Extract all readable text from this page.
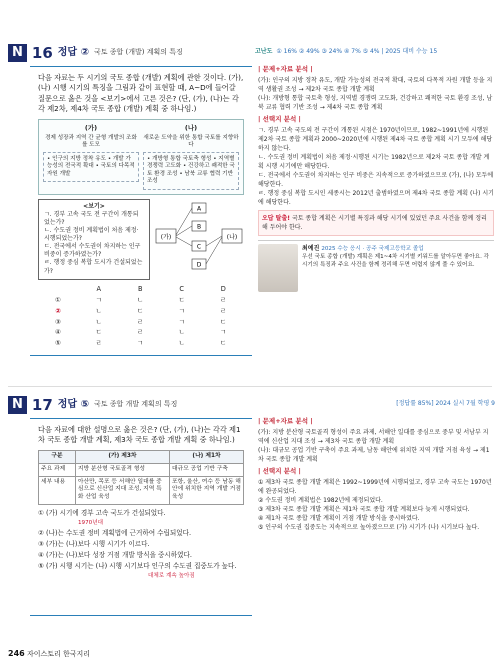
N 16 정답 ② 국토 종합 (개발) 계획의 특징	고난도 ① 16% ② 49% ③ 24% ④ 7% ⑤ 4% | 2025 대비 수능 15

다음 자료는 두 시기의 국토 종합 (개발) 계획에 관한 것이다. (가), (나) 시행 시기의 특징을 그림과 같이 표현할 때, A~D에 들어갈 질문으로 옳은 것을 <보기>에서 고른 것은? (단, (가), (나)는 각각 제2차, 제4차 국토 종합 (개발) 계획 중 하나임.)

(가)
경제 성장과 지역 간 균형 개발의 조화를 도모
• 인구의 지방 정착 유도 • 개발 가능성의 전국적 확대 • 국토의 다목적 자원 개발
(나)
새로운 도약을 위한 통합 국토를 지향하다
• 개방형 통합 국토축 형성 • 지역별 경쟁력 고도화 • 건강하고 쾌적한 국토 환경 조성 • 남북 교류 협력 기반 조성
<보기>
ㄱ. 경부 고속 국도 전 구간이 개통되었는가?
ㄴ. 수도권 정비 계획법이 처음 제정·시행되었는가?
ㄷ. 전국에서 수도권이 차지하는 인구 비중이 증가하였는가?
ㄹ. 행정 중심 복합 도시가 건설되었는가?
(가)	(나)
A
B
C
D
	A	B	C	D
①	ㄱ	ㄴ	ㄷ	ㄹ
②	ㄴ	ㄷ	ㄱ	ㄹ
③	ㄴ	ㄹ	ㄱ	ㄷ
④	ㄷ	ㄹ	ㄴ	ㄱ
⑤	ㄹ	ㄱ	ㄴ	ㄷ
| 문제+자료 분석 |

(가): 인구의 지방 정착 유도, 개발 가능성의 전국적 확대, 국토의 다목적 자원 개발 등을 지역 생활권 조성 → 제2차 국토 종합 개발 계획

(나): 개방형 통합 국토축 형성, 지역별 경쟁력 고도화, 건강하고 쾌적한 국토 환경 조성, 남북 교류 협력 기반 조성 → 제4차 국토 종합 계획

| 선택지 분석 |

ㄱ. 경부 고속 국도의 전 구간이 개통된 시점은 1970년이므로, 1982~1991년에 시행된 제2차 국토 종합 계획과 2000~2020년에 시행된 제4차 국토 종합 계획 시기 모두에 해당하지 않는다.

ㄴ. 수도권 정비 계획법이 처음 제정·시행된 시기는 1982년으로 제2차 국토 종합 개발 계획 시행 시기에만 해당한다.

ㄷ. 전국에서 수도권이 차지하는 인구 비중은 지속적으로 증가하였으므로 (가), (나) 모두에 해당한다.

ㄹ. 행정 중심 복합 도시인 세종시는 2012년 출범하였으며 제4차 국토 종합 계획 (나) 시기에 해당한다.

오답 탈출! 국토 종합 계획은 시기별 특징과 해당 시기에 있었던 주요 사건을 함께 정리해 두어야 한다.
최예진 2025 수능 응시 · 공주 국제고등학교 졸업

우선 국토 종합 (개발) 계획은 제1~4차 시기별 키워드를 알아두면 좋아요. 각 시기의 특징과 주요 사건을 함께 정리해 두면 어렵지 않게 풀 수 있어요.

N 17 정답 ⑤ 국토 종합 개발 계획의 특징	[정답률 85%] 2024 실시 7월 학평 9

다음 자료에 대한 설명으로 옳은 것은? (단, (가), (나)는 각각 제1차 국토 종합 개발 계획, 제3차 국토 종합 개발 계획 중 하나임.)

구분	(가) 제3차	(나) 제1차
주요 과제	지방 분산형 국토골격 형성	대규모 공업 기반 구축
세부 내용	아산만, 목포 등 서해안 일대를 중심으로 신산업 지대 조성, 지역 특화 산업 육성	포항, 울산, 여수 등 남동 해안에 위치한 지역 개발 거점 육성
① (가) 시기에 경부 고속 국도가 건설되었다.
1970년대
② (나)는 수도권 정비 계획법에 근거하여 수립되었다.
③ (가)는 (나)보다 시행 시기가 이르다.
④ (가)는 (나)보다 성장 거점 개발 방식을 중시하였다.
⑤ (가) 시행 시기는 (나) 시행 시기보다 인구의 수도권 집중도가 높다.
대체로 계속 높아짐
| 문제+자료 분석 |

(가): 지방 분산형 국토골격 형성이 주요 과제, 서해안 일대를 중심으로 중부 및 서남부 지역에 신산업 지대 조성 → 제3차 국토 종합 개발 계획

(나): 대규모 공업 기반 구축이 주요 과제, 남동 해안에 위치한 지역 개발 거점 육성 → 제1차 국토 종합 개발 계획

| 선택지 분석 |

① 제3차 국토 종합 개발 계획은 1992~1999년에 시행되었고, 경부 고속 국도는 1970년에 완공되었다.

② 수도권 정비 계획법은 1982년에 제정되었다.

③ 제3차 국토 종합 개발 계획은 제1차 국토 종합 개발 계획보다 늦게 시행되었다.

④ 제1차 국토 종합 개발 계획이 거점 개발 방식을 중시하였다.

⑤ 인구의 수도권 집중도는 지속적으로 높아졌으므로 (가) 시기가 (나) 시기보다 높다.

246 자이스토리 한국지리
